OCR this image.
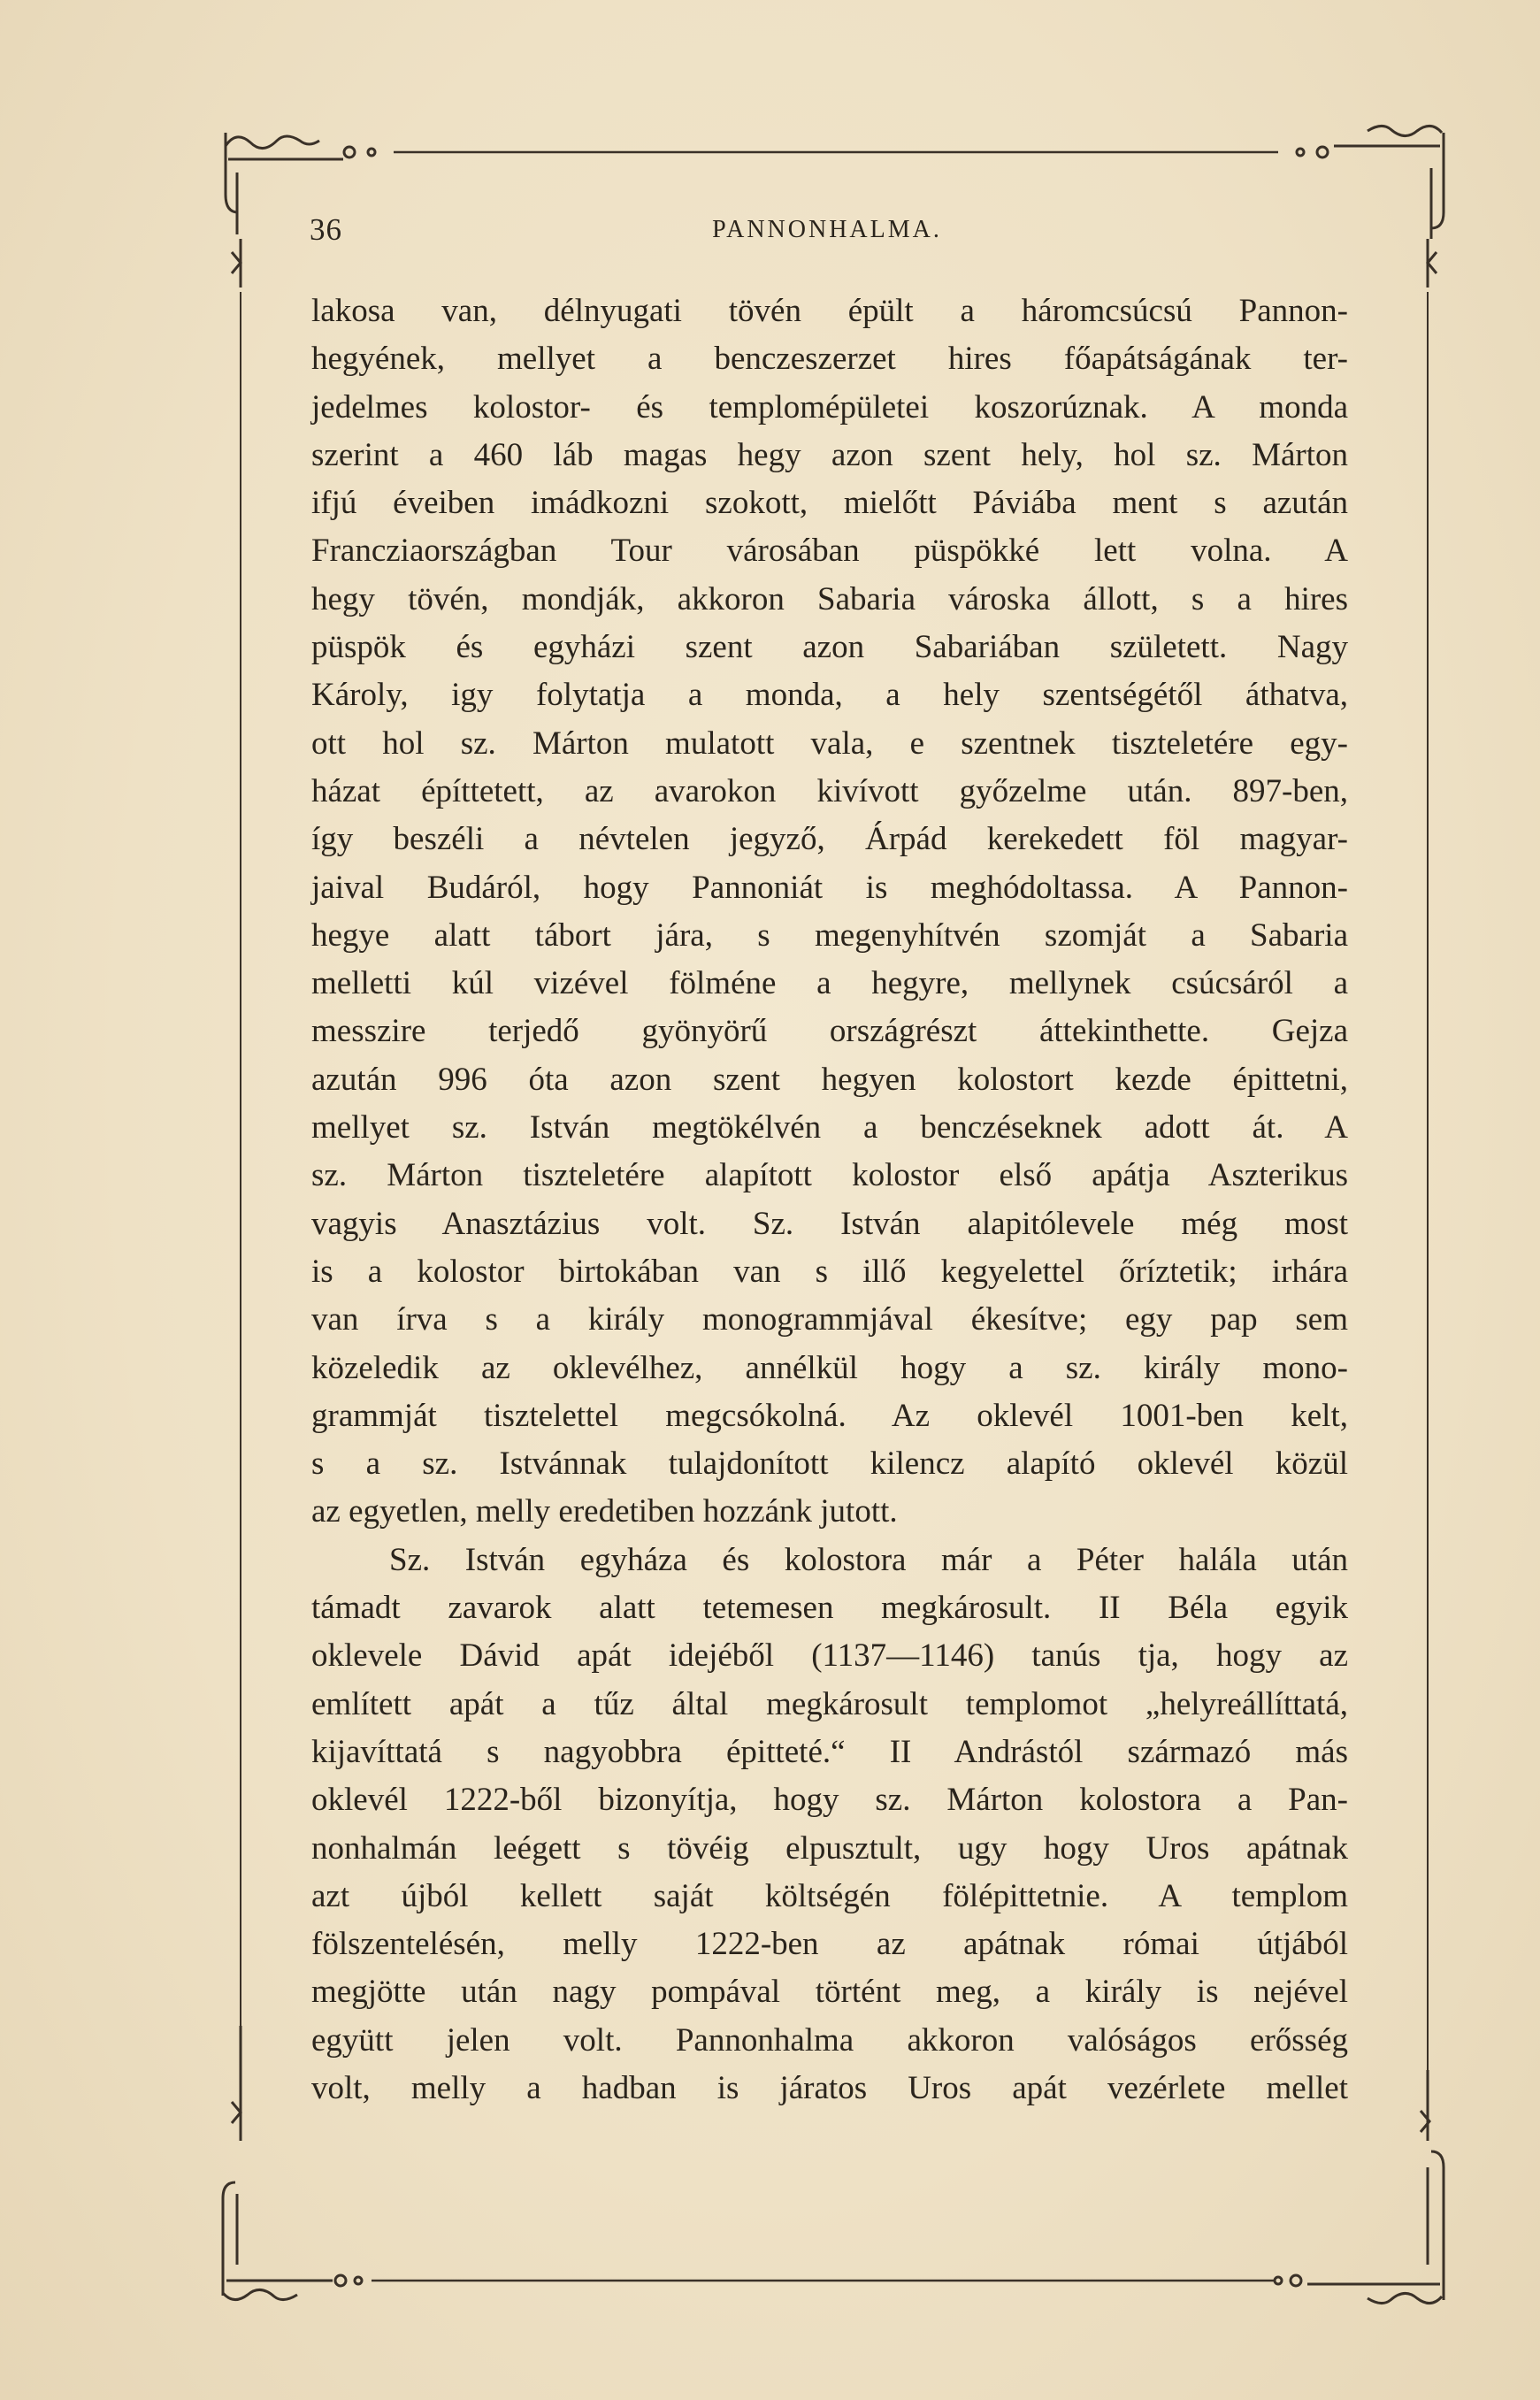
36	PANNONHALMA.
lakosa van, délnyugati tövén épült a háromcsúcsú Pannon-
hegyének, mellyet a benczeszerzet hires főapátságának ter-
jedelmes kolostor- és templomépületei koszorúznak. A monda
szerint a 460 láb magas hegy azon szent hely, hol sz. Márton
ifjú éveiben imádkozni szokott, mielőtt Páviába ment s azután
Francziaországban Tour városában püspökké lett volna. A
hegy tövén, mondják, akkoron Sabaria városka állott, s a hires
püspök és egyházi szent azon Sabariában született. Nagy
Károly, igy folytatja a monda, a hely szentségétől áthatva,
ott hol sz. Márton mulatott vala, e szentnek tiszteletére egy-
házat építtetett, az avarokon kivívott győzelme után. 897-ben,
így beszéli a névtelen jegyző, Árpád kerekedett föl magyar-
jaival Budáról, hogy Pannoniát is meghódoltassa. A Pannon-
hegye alatt tábort jára, s megenyhítvén szomját a Sabaria
melletti kúl vizével fölméne a hegyre, mellynek csúcsáról a
messzire terjedő gyönyörű országrészt áttekinthette. Gejza
azután 996 óta azon szent hegyen kolostort kezde épittetni,
mellyet sz. István megtökélvén a benczéseknek adott át. A
sz. Márton tiszteletére alapított kolostor első apátja Aszterikus
vagyis Anasztázius volt. Sz. István alapitólevele még most
is a kolostor birtokában van s illő kegyelettel őríztetik; irhára
van írva s a király monogrammjával ékesítve; egy pap sem
közeledik az oklevélhez, annélkül hogy a sz. király mono-
grammját tisztelettel megcsókolná. Az oklevél 1001-ben kelt,
s a sz. Istvánnak tulajdonított kilencz alapító oklevél közül
az egyetlen, melly eredetiben hozzánk jutott.
Sz. István egyháza és kolostora már a Péter halála után
támadt zavarok alatt tetemesen megkárosult. II Béla egyik
oklevele Dávid apát idejéből (1137—1146) tanús tja, hogy az
említett apát a tűz által megkárosult templomot „helyreállíttatá,
kijavíttatá s nagyobbra épitteté.“ II Andrástól származó más
oklevél 1222-ből bizonyítja, hogy sz. Márton kolostora a Pan-
nonhalmán leégett s tövéig elpusztult, ugy hogy Uros apátnak
azt újból kellett saját költségén fölépittetnie. A templom
fölszentelésén, melly 1222-ben az apátnak római útjából
megjötte után nagy pompával történt meg, a király is nejével
együtt jelen volt. Pannonhalma akkoron valóságos erősség
volt, melly a hadban is járatos Uros apát vezérlete mellet
